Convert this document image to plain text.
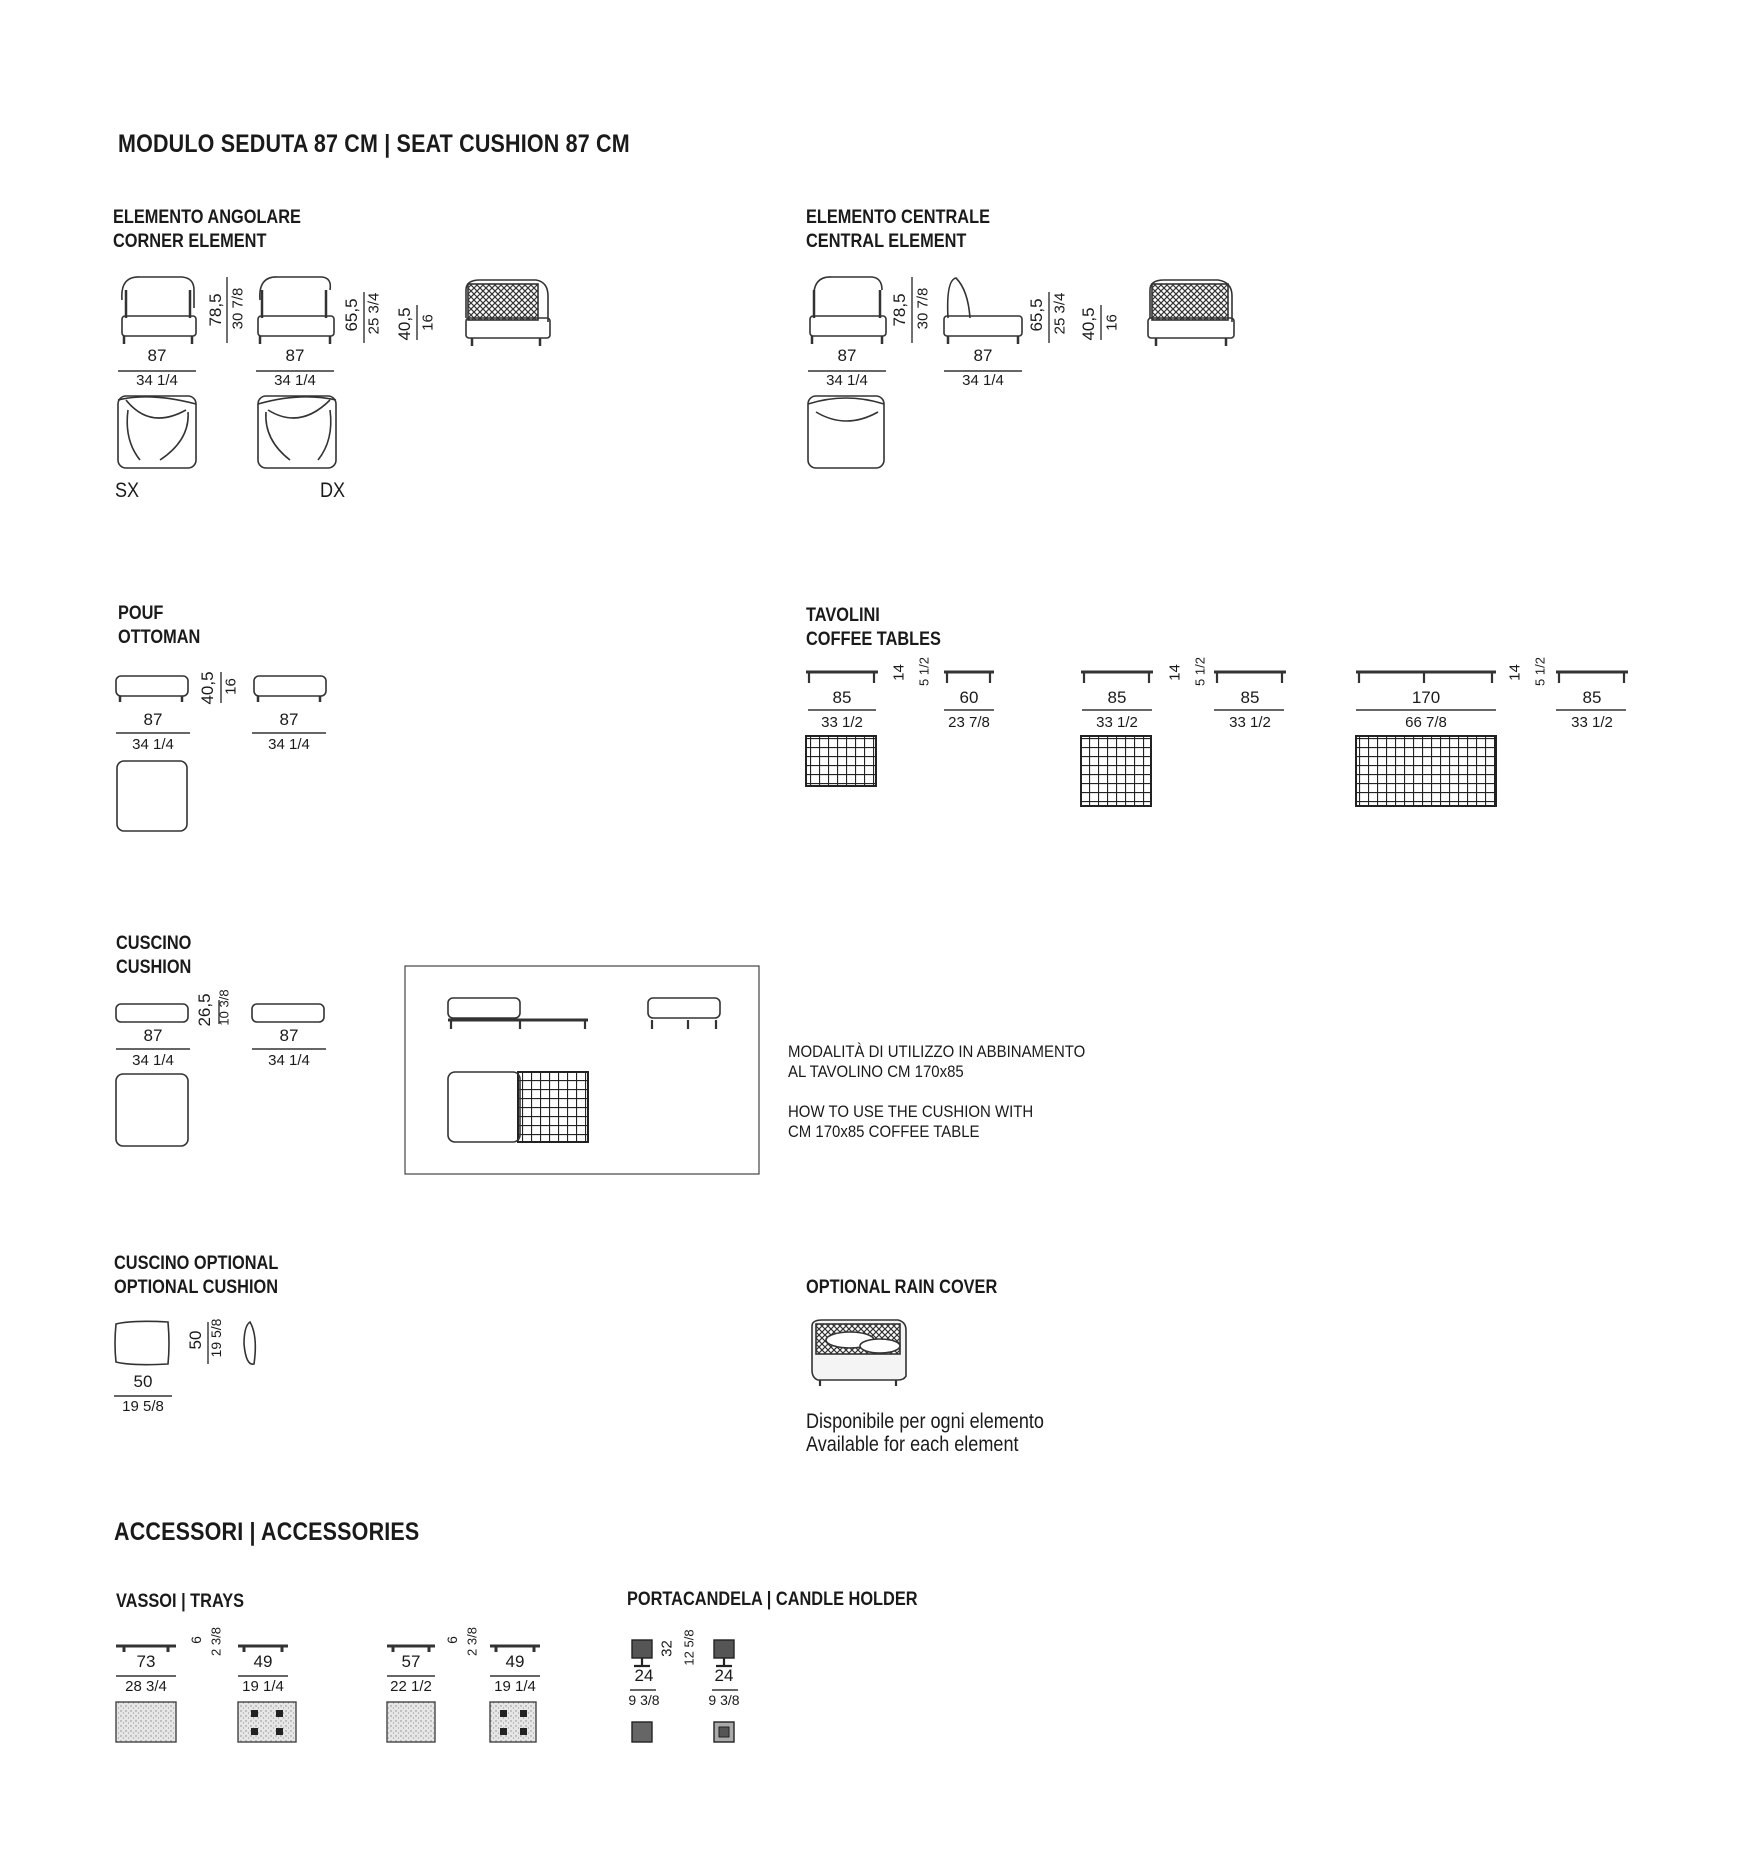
MODULO SEDUTA 87 CM | SEAT CUSHION 87 CM
ELEMENTO ANGOLARE
CORNER ELEMENT
ELEMENTO CENTRALE
CENTRAL ELEMENT
POUF
OTTOMAN
TAVOLINI
COFFEE TABLES
CUSCINO
CUSHION
CUSCINO OPTIONAL
OPTIONAL CUSHION	OPTIONAL RAIN COVER
ACCESSORI | ACCESSORIES
VASSOI | TRAYS	PORTACANDELA | CANDLE HOLDER
SX	DX
MODALITÀ DI UTILIZZO IN ABBINAMENTO
AL TAVOLINO CM 170x85
HOW TO USE THE CUSHION WITH
CM 170x85 COFFEE TABLE
Disponibile per ogni elemento
Available for each element
87
34 1/4
87
34 1/4
78,5 30 7/8	65,5 25 3/4 40,5 16
87
34 1/4
87
34 1/4
78,5 30 7/8	65,5 25 3/4 40,5 16
87
34 1/4
87
34 1/4
40,5 16
85
33 1/2
60
23 7/8
85
33 1/2
85
33 1/2
170
66 7/8
85
33 1/2
14 5 1/2	14 5 1/2	14 5 1/2
87
34 1/4
87
34 1/4
26,5 10 3/8
50
19 5/8
50 19 5/8
73
28 3/4
49
19 1/4
57
22 1/2
49
19 1/4
6 2 3/8	6 2 3/8
24
9 3/8
24
9 3/8
32 12 5/8
